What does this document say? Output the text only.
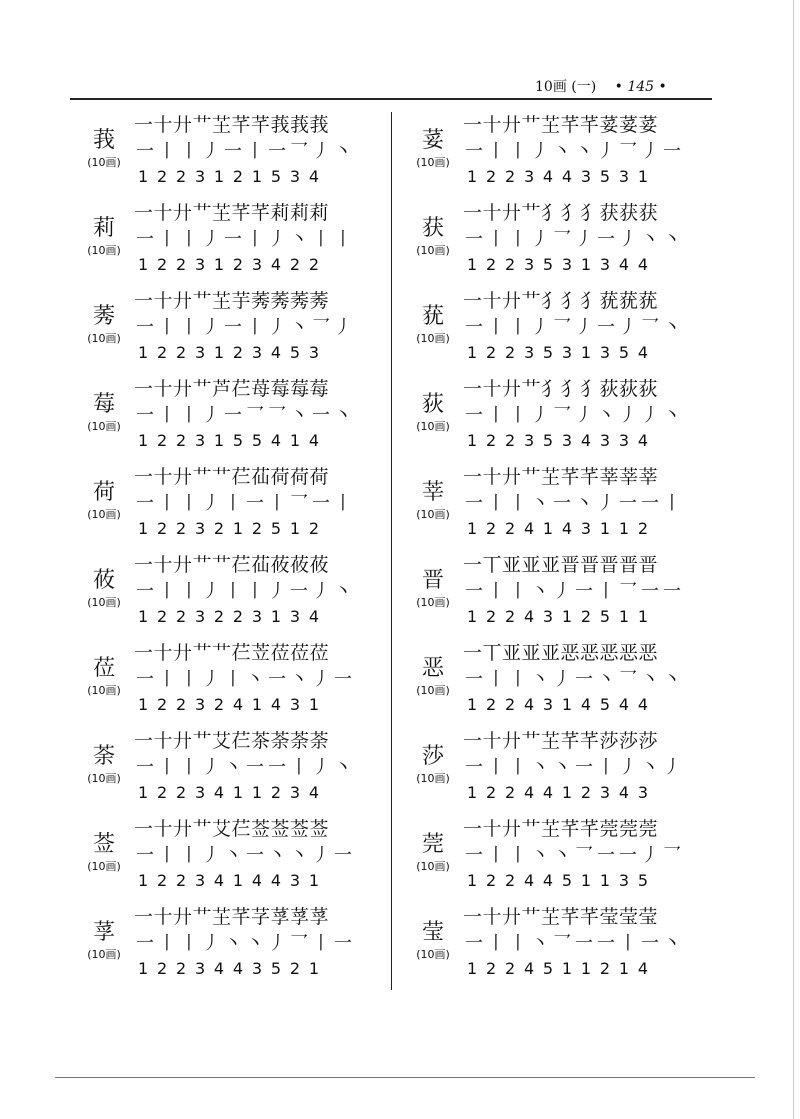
10画 (一) • 145 •
莪
(10画)
一十廾艹芏芊芊莪莪莪
一丨丨丿一丨一乛丿丶
1223121534
莉
(10画)
一十廾艹芏芊芊莉莉莉
一丨丨丿一丨丿丶丨丨
1223123422
莠
(10画)
一十廾艹芏芋莠莠莠莠
一丨丨丿一丨丿丶乛丿
1223123453
莓
(10画)
一十廾艹芦芢苺莓莓莓
一丨丨丿一乛乛丶一丶
1223155414
荷
(10画)
一十廾艹艹芢苮荷荷荷
一丨丨丿丨一丨乛一丨
1223212512
莜
(10画)
一十廾艹艹芢苮莜莜莜
一丨丨丿丨丨丿一丿丶
1223223134
莅
(10画)
一十廾艹艹芢苙莅莅莅
一丨丨丿丨丶一丶丿一
1223241431
荼
(10画)
一十廾艹艾芢茶荼荼荼
一丨丨丿丶一一丨丿丶
1223411234
莶
(10画)
一十廾艹艾芢莶莶莶莶
一丨丨丿丶一丶丶丿一
1223414431
莩
(10画)
一十廾艹芏芊芓莩莩莩
一丨丨丿丶丶丿乛丨一
1223443521
荽
(10画)
一十廾艹芏芊芊荽荽荽
一丨丨丿丶丶丿乛丿一
1223443531
获
(10画)
一十廾艹犭犭犭获获获
一丨丨丿乛丿一丿丶丶
1223531344
莸
(10画)
一十廾艹犭犭犭莸莸莸
一丨丨丿乛丿一丿乛丶
1223531354
荻
(10画)
一十廾艹犭犭犭荻荻荻
一丨丨丿乛丿丶丿丿丶
1223534334
莘
(10画)
一十廾艹芏芊芊莘莘莘
一丨丨丶一丶丿一一丨
1224143112
晋
(10画)
一丅亚亚亚晋晋晋晋晋
一丨丨丶丿一丨乛一一
1224312511
恶
(10画)
一丅亚亚亚恶恶恶恶恶
一丨丨丶丿一丶乛丶丶
1224314544
莎
(10画)
一十廾艹芏芊芊莎莎莎
一丨丨丶丶一丨丿丶丿
1224412343
莞
(10画)
一十廾艹芏芊芊莞莞莞
一丨丨丶丶乛一一丿乛
1224451135
莹
(10画)
一十廾艹芏芊芊莹莹莹
一丨丨丶乛一一丨一丶
1224511214
